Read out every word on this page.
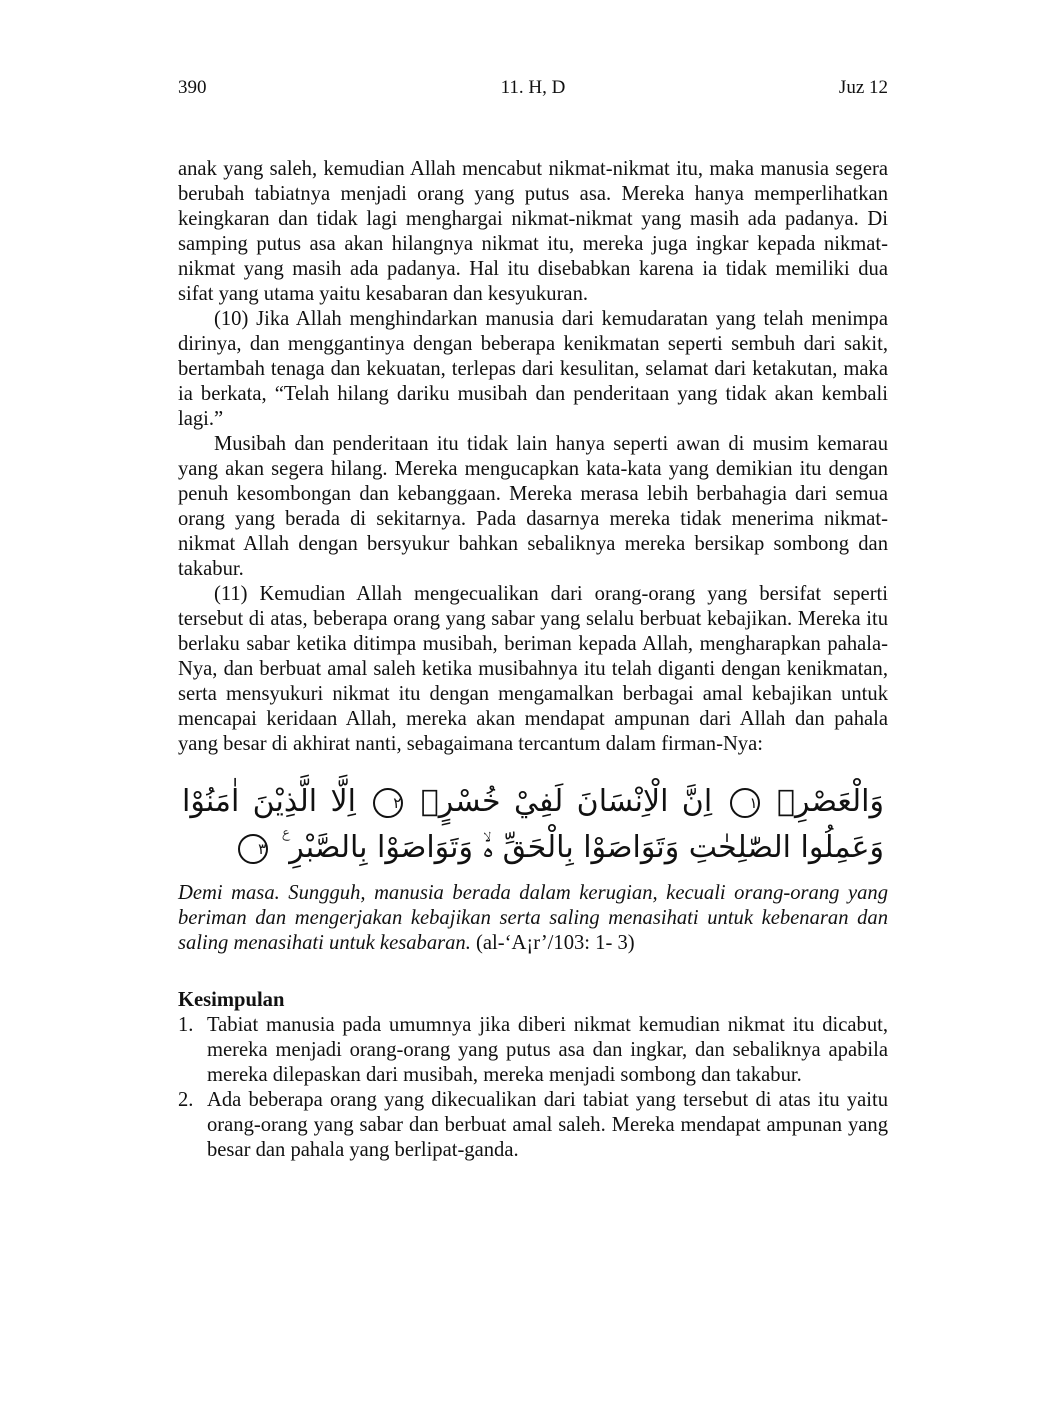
390	11. H, D	Juz 12

anak yang saleh, kemudian Allah mencabut nikmat-nikmat itu, maka manusia segera berubah tabiatnya menjadi orang yang putus asa. Mereka hanya memperlihatkan keingkaran dan tidak lagi menghargai nikmat-nikmat yang masih ada padanya. Di samping putus asa akan hilangnya nikmat itu, mereka juga ingkar kepada nikmat-nikmat yang masih ada padanya. Hal itu disebabkan karena ia tidak memiliki dua sifat yang utama yaitu kesabaran dan kesyukuran.

(10) Jika Allah menghindarkan manusia dari kemudaratan yang telah menimpa dirinya, dan menggantinya dengan beberapa kenikmatan seperti sembuh dari sakit, bertambah tenaga dan kekuatan, terlepas dari kesulitan, selamat dari ketakutan, maka ia berkata, “Telah hilang dariku musibah dan penderitaan yang tidak akan kembali lagi.”

Musibah dan penderitaan itu tidak lain hanya seperti awan di musim kemarau yang akan segera hilang. Mereka mengucapkan kata-kata yang demikian itu dengan penuh kesombongan dan kebanggaan. Mereka merasa lebih berbahagia dari semua orang yang berada di sekitarnya. Pada dasarnya mereka tidak menerima nikmat-nikmat Allah dengan bersyukur bahkan sebaliknya mereka bersikap sombong dan takabur.

(11) Kemudian Allah mengecualikan dari orang-orang yang bersifat seperti tersebut di atas, beberapa orang yang sabar yang selalu berbuat kebajikan. Mereka itu berlaku sabar ketika ditimpa musibah, beriman kepada Allah, mengharapkan pahala-Nya, dan berbuat amal saleh ketika musibahnya itu telah diganti dengan kenikmatan, serta mensyukuri nikmat itu dengan mengamalkan berbagai amal kebajikan untuk mencapai keridaan Allah, mereka akan mendapat ampunan dari Allah dan pahala yang besar di akhirat nanti, sebagaimana tercantum dalam firman-Nya:

وَالْعَصْرِۙ ١ اِنَّ الْاِنْسَانَ لَفِيْ خُسْرٍۙ ٢ اِلَّا الَّذِيْنَ اٰمَنُوْا وَعَمِلُوا الصّٰلِحٰتِ وَتَوَاصَوْا بِالْحَقِّ ەۙ وَتَوَاصَوْا بِالصَّبْرِ ࣖ ٣

Demi masa. Sungguh, manusia berada dalam kerugian, kecuali orang-orang yang beriman dan mengerjakan kebajikan serta saling menasihati untuk kebenaran dan saling menasihati untuk kesabaran. (al-‘A¡r’/103: 1- 3)

Kesimpulan
1. Tabiat manusia pada umumnya jika diberi nikmat kemudian nikmat itu dicabut, mereka menjadi orang-orang yang putus asa dan ingkar, dan sebaliknya apabila mereka dilepaskan dari musibah, mereka menjadi sombong dan takabur.
2. Ada beberapa orang yang dikecualikan dari tabiat yang tersebut di atas itu yaitu orang-orang yang sabar dan berbuat amal saleh. Mereka mendapat ampunan yang besar dan pahala yang berlipat-ganda.
